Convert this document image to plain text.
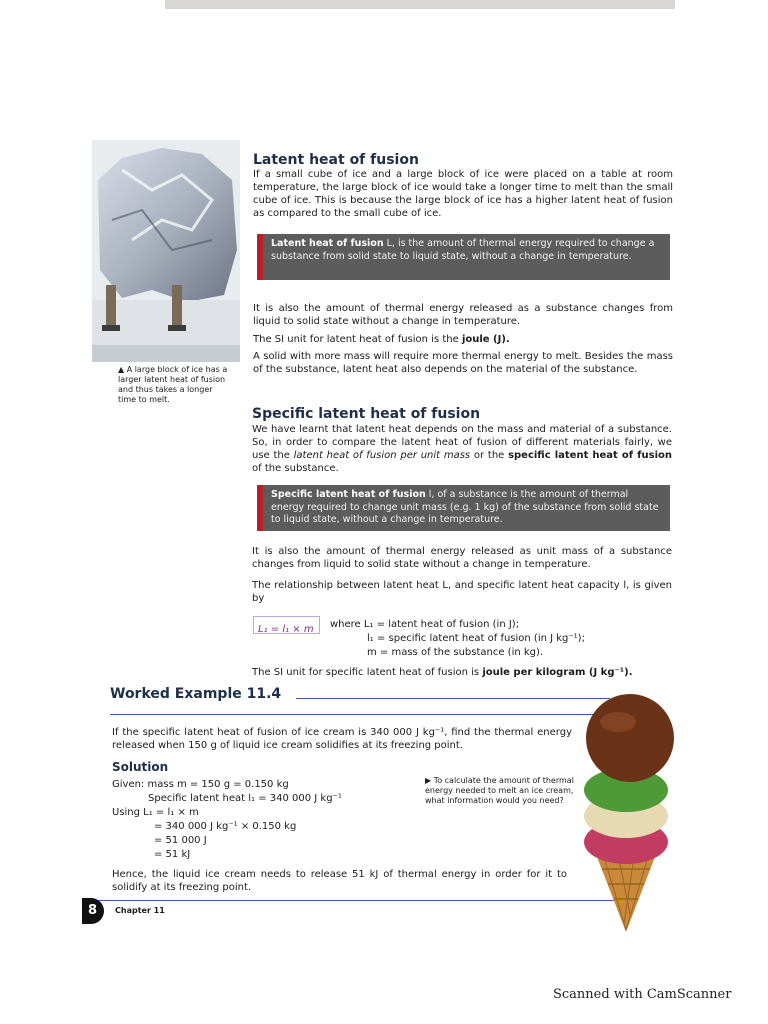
▲ A large block of ice has a larger latent heat of fusion and thus takes a longer time to melt.
Latent heat of fusion
If a small cube of ice and a large block of ice were placed on a table at room temperature, the large block of ice would take a longer time to melt than the small cube of ice. This is because the large block of ice has a higher latent heat of fusion as compared to the small cube of ice.
Latent heat of fusion L, is the amount of thermal energy required to change a substance from solid state to liquid state, without a change in temperature.
It is also the amount of thermal energy released as a substance changes from liquid to solid state without a change in temperature.
The SI unit for latent heat of fusion is the joule (J).
A solid with more mass will require more thermal energy to melt. Besides the mass of the substance, latent heat also depends on the material of the substance.
Specific latent heat of fusion
We have learnt that latent heat depends on the mass and material of a substance. So, in order to compare the latent heat of fusion of different materials fairly, we use the latent heat of fusion per unit mass or the specific latent heat of fusion of the substance.
Specific latent heat of fusion l, of a substance is the amount of thermal energy required to change unit mass (e.g. 1 kg) of the substance from solid state to liquid state, without a change in temperature.
It is also the amount of thermal energy released as unit mass of a substance changes from liquid to solid state without a change in temperature.
The relationship between latent heat L, and specific latent heat capacity l, is given by
L₁ = l₁ × m	where L₁ = latent heat of fusion (in J);
l₁ = specific latent heat of fusion (in J kg⁻¹);
m = mass of the substance (in kg).
The SI unit for specific latent heat of fusion is joule per kilogram (J kg⁻¹).
Worked Example 11.4
If the specific latent heat of fusion of ice cream is 340 000 J kg⁻¹, find the thermal energy released when 150 g of liquid ice cream solidifies at its freezing point.
Solution
Given: mass m = 150 g = 0.150 kg
Specific latent heat l₁ = 340 000 J kg⁻¹
Using L₁ = l₁ × m
= 340 000 J kg⁻¹ × 0.150 kg
= 51 000 J
= 51 kJ
▶ To calculate the amount of thermal energy needed to melt an ice cream, what information would you need?
Hence, the liquid ice cream needs to release 51 kJ of thermal energy in order for it to solidify at its freezing point.
8 Chapter 11
Scanned with CamScanner
